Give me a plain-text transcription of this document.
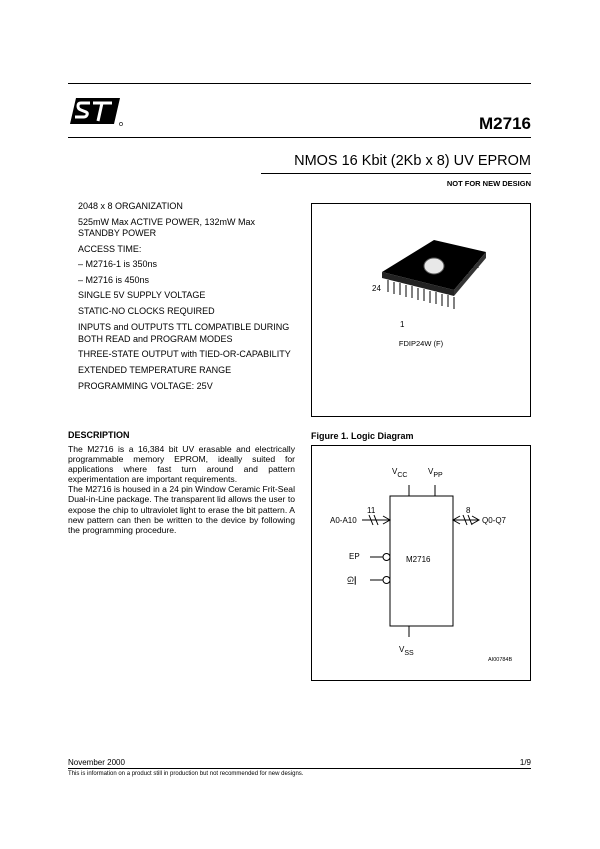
M2716
NMOS 16 Kbit (2Kb x 8) UV EPROM
NOT FOR NEW DESIGN
2048 x 8 ORGANIZATION
525mW Max ACTIVE POWER, 132mW Max STANDBY POWER
ACCESS TIME:
– M2716-1 is 350ns
– M2716 is 450ns
SINGLE 5V SUPPLY VOLTAGE
STATIC-NO CLOCKS REQUIRED
INPUTS and OUTPUTS TTL COMPATIBLE DURING BOTH READ and PROGRAM MODES
THREE-STATE OUTPUT with TIED-OR-CAPABILITY
EXTENDED TEMPERATURE RANGE
PROGRAMMING VOLTAGE: 25V
24
1
FDIP24W (F)
DESCRIPTION

The M2716 is a 16,384 bit UV erasable and electrically programmable memory EPROM, ideally suited for applications where fast turn around and pattern experimentation are important requirements.

The M2716 is housed in a 24 pin Window Ceramic Frit-Seal Dual-in-Line package. The transparent lid allows the user to expose the chip to ultraviolet light to erase the bit pattern. A new pattern can then be written to the device by following the programming procedure.

Figure 1. Logic Diagram
VCC	VPP
11
A0-A10
8
Q0-Q7
EP	M2716
$\overline{GI}$
VSS
AI00784B
November 2000	1/9
This is information on a product still in production but not recommended for new designs.
